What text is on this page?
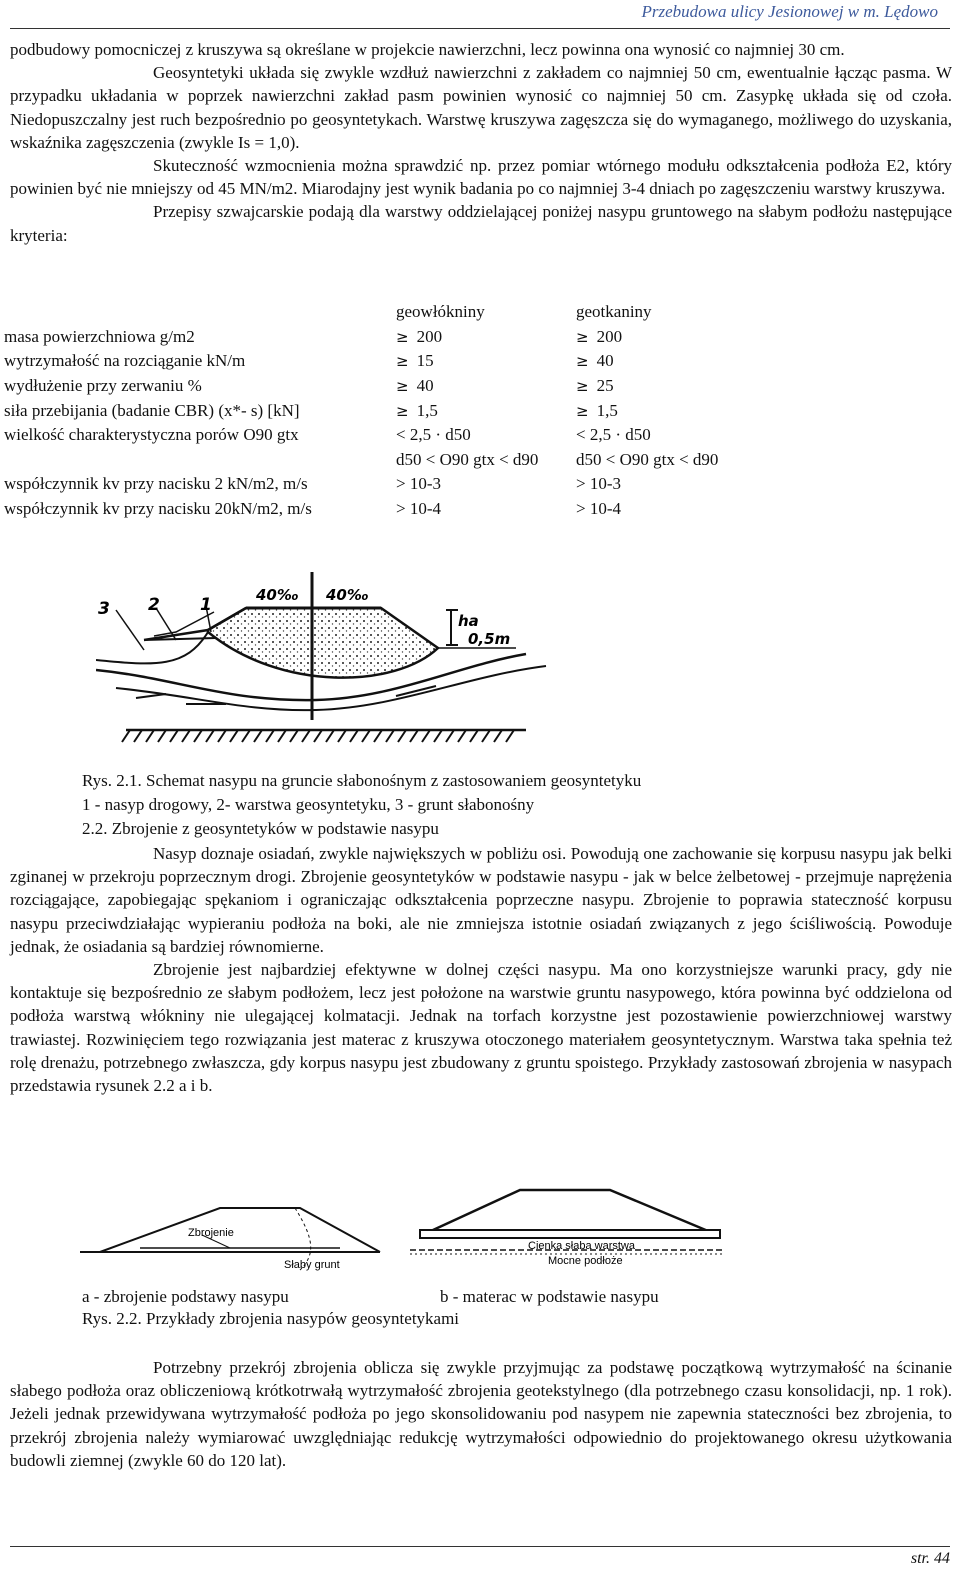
Przebudowa ulicy Jesionowej w m. Lędowo

podbudowy pomocniczej z kruszywa są określane w projekcie nawierzchni, lecz powinna ona wynosić co najmniej 30 cm.

Geosyntetyki układa się zwykle wzdłuż nawierzchni z zakładem co najmniej 50 cm, ewentualnie łącząc pasma. W przypadku układania w poprzek nawierzchni zakład pasm powinien wynosić co najmniej 50 cm. Zasypkę układa się od czoła. Niedopuszczalny jest ruch bezpośrednio po geosyntetykach. Warstwę kruszywa zagęszcza się do wymaganego, możliwego do uzyskania, wskaźnika zagęszczenia (zwykle Is = 1,0).

Skuteczność wzmocnienia można sprawdzić np. przez pomiar wtórnego modułu odkształcenia podłoża E2, który powinien być nie mniejszy od 45 MN/m2. Miarodajny jest wynik badania po co najmniej 3-4 dniach po zagęszczeniu warstwy kruszywa.

Przepisy szwajcarskie podają dla warstwy oddzielającej poniżej nasypu gruntowego na słabym podłożu następujące kryteria:

	geowłókniny	geotkaniny
masa powierzchniowa g/m2	≥ 200	≥ 200
wytrzymałość na rozciąganie kN/m	≥ 15	≥ 40
wydłużenie przy zerwaniu %	≥ 40	≥ 25
siła przebijania (badanie CBR) (x*- s) [kN]	≥ 1,5	≥ 1,5
wielkość charakterystyczna porów O90 gtx	< 2,5 · d50	< 2,5 · d50
	d50 < O90 gtx < d90	d50 < O90 gtx < d90
współczynnik kv przy nacisku 2 kN/m2, m/s	> 10-3	> 10-3
współczynnik kv przy nacisku 20kN/m2, m/s	> 10-4	> 10-4
3 2 1	40‰ 40‰
ha
0,5m
Rys. 2.1. Schemat nasypu na gruncie słabonośnym z zastosowaniem geosyntetyku
1 - nasyp drogowy, 2- warstwa geosyntetyku, 3 - grunt słabonośny
2.2. Zbrojenie z geosyntetyków w podstawie nasypu

Nasyp doznaje osiadań, zwykle największych w pobliżu osi. Powodują one zachowanie się korpusu nasypu jak belki zginanej w przekroju poprzecznym drogi. Zbrojenie geosyntetyków w podstawie nasypu - jak w belce żelbetowej - przejmuje naprężenia rozciągające, zapobiegając spękaniom i ograniczając odkształcenia poprzeczne nasypu. Zbrojenie to poprawia stateczność korpusu nasypu przeciwdziałając wypieraniu podłoża na boki, ale nie zmniejsza istotnie osiadań związanych z jego ściśliwością. Powoduje jednak, że osiadania są bardziej równomierne.

Zbrojenie jest najbardziej efektywne w dolnej części nasypu. Ma ono korzystniejsze warunki pracy, gdy nie kontaktuje się bezpośrednio ze słabym podłożem, lecz jest położone na warstwie gruntu nasypowego, która powinna być oddzielona od podłoża warstwą włókniny nie ulegającej kolmatacji. Jednak na torfach korzystne jest pozostawienie powierzchniowej warstwy trawiastej. Rozwinięciem tego rozwiązania jest materac z kruszywa otoczonego materiałem geosyntetycznym. Warstwa taka spełnia też rolę drenażu, potrzebnego zwłaszcza, gdy korpus nasypu jest zbudowany z gruntu spoistego. Przykłady zastosowań zbrojenia w nasypach przedstawia rysunek 2.2 a i b.

Zbrojenie
Słaby grunt
Cienka słaba warstwa
Mocne podłoże
a - zbrojenie podstawy nasypu	b - materac w podstawie nasypu
Rys. 2.2. Przykłady zbrojenia nasypów geosyntetykami

Potrzebny przekrój zbrojenia oblicza się zwykle przyjmując za podstawę początkową wytrzymałość na ścinanie słabego podłoża oraz obliczeniową krótkotrwałą wytrzymałość zbrojenia geotekstylnego (dla potrzebnego czasu konsolidacji, np. 1 rok). Jeżeli jednak przewidywana wytrzymałość podłoża po jego skonsolidowaniu pod nasypem nie zapewnia stateczności bez zbrojenia, to przekrój zbrojenia należy wymiarować uwzględniając redukcję wytrzymałości odpowiednio do projektowanego okresu użytkowania budowli ziemnej (zwykle 60 do 120 lat).

str. 44
